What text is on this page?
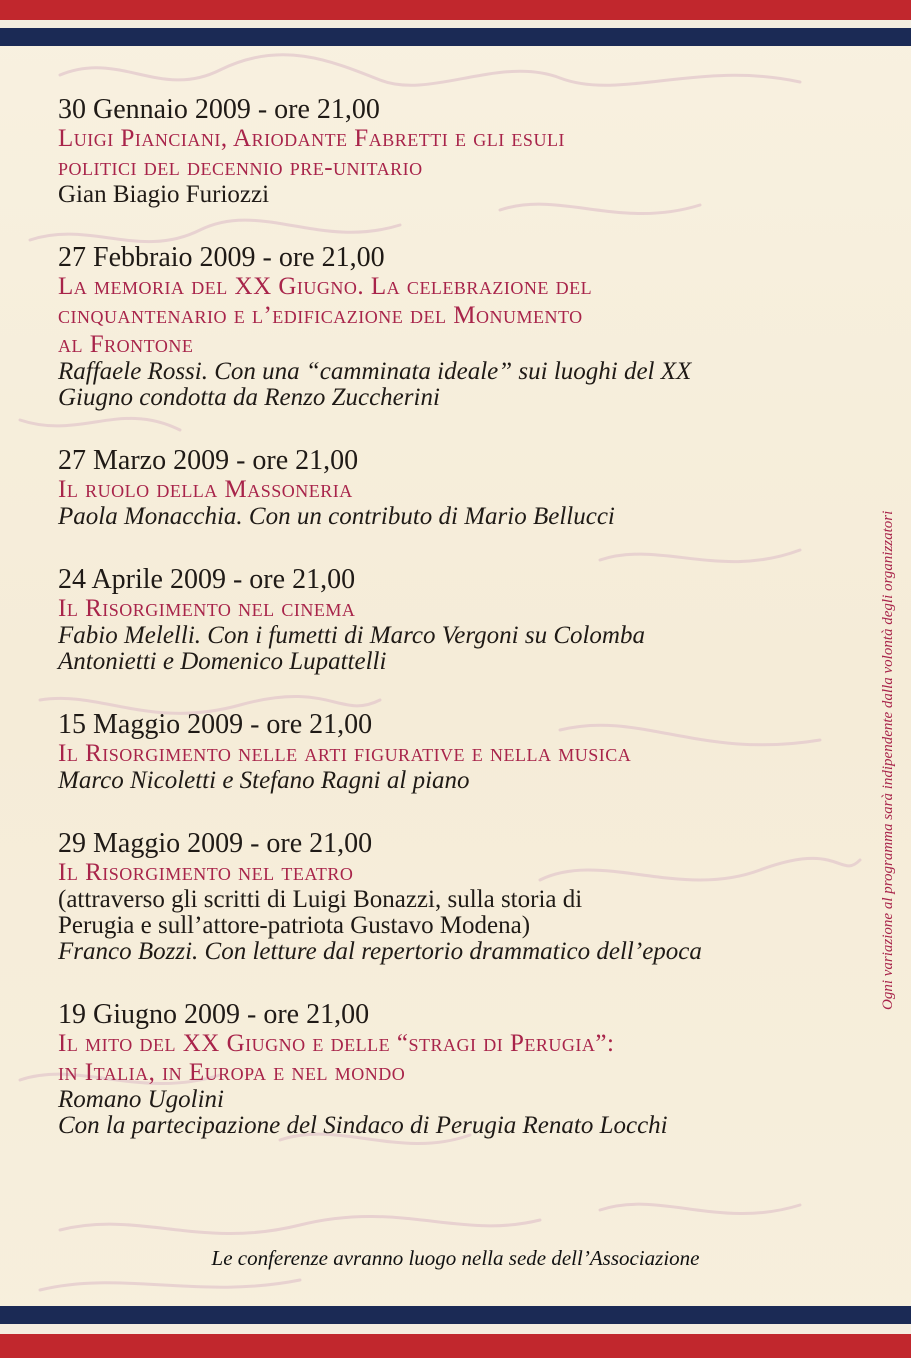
30 Gennaio 2009 - ore 21,00
Luigi Pianciani, Ariodante Fabretti e gli esuli
politici del decennio pre-unitario
Gian Biagio Furiozzi
27 Febbraio 2009 - ore 21,00
La memoria del XX Giugno. La celebrazione del
cinquantenario e l’edificazione del Monumento
al Frontone
Raffaele Rossi. Con una “camminata ideale” sui luoghi del XX
Giugno condotta da Renzo Zuccherini
27 Marzo 2009 - ore 21,00
Il ruolo della Massoneria
Paola Monacchia. Con un contributo di Mario Bellucci
24 Aprile 2009 - ore 21,00
Il Risorgimento nel cinema
Fabio Melelli. Con i fumetti di Marco Vergoni su Colomba
Antonietti e Domenico Lupattelli
15 Maggio 2009 - ore 21,00
Il Risorgimento nelle arti figurative e nella musica
Marco Nicoletti e Stefano Ragni al piano
29 Maggio 2009 - ore 21,00
Il Risorgimento nel teatro
(attraverso gli scritti di Luigi Bonazzi, sulla storia di
Perugia e sull’attore-patriota Gustavo Modena)
Franco Bozzi. Con letture dal repertorio drammatico dell’epoca
19 Giugno 2009 - ore 21,00
Il mito del XX Giugno e delle “stragi di Perugia”:
in Italia, in Europa e nel mondo
Romano Ugolini
Con la partecipazione del Sindaco di Perugia Renato Locchi
Ogni variazione al programma sarà indipendente dalla volontà degli organizzatori
Le conferenze avranno luogo nella sede dell’Associazione
